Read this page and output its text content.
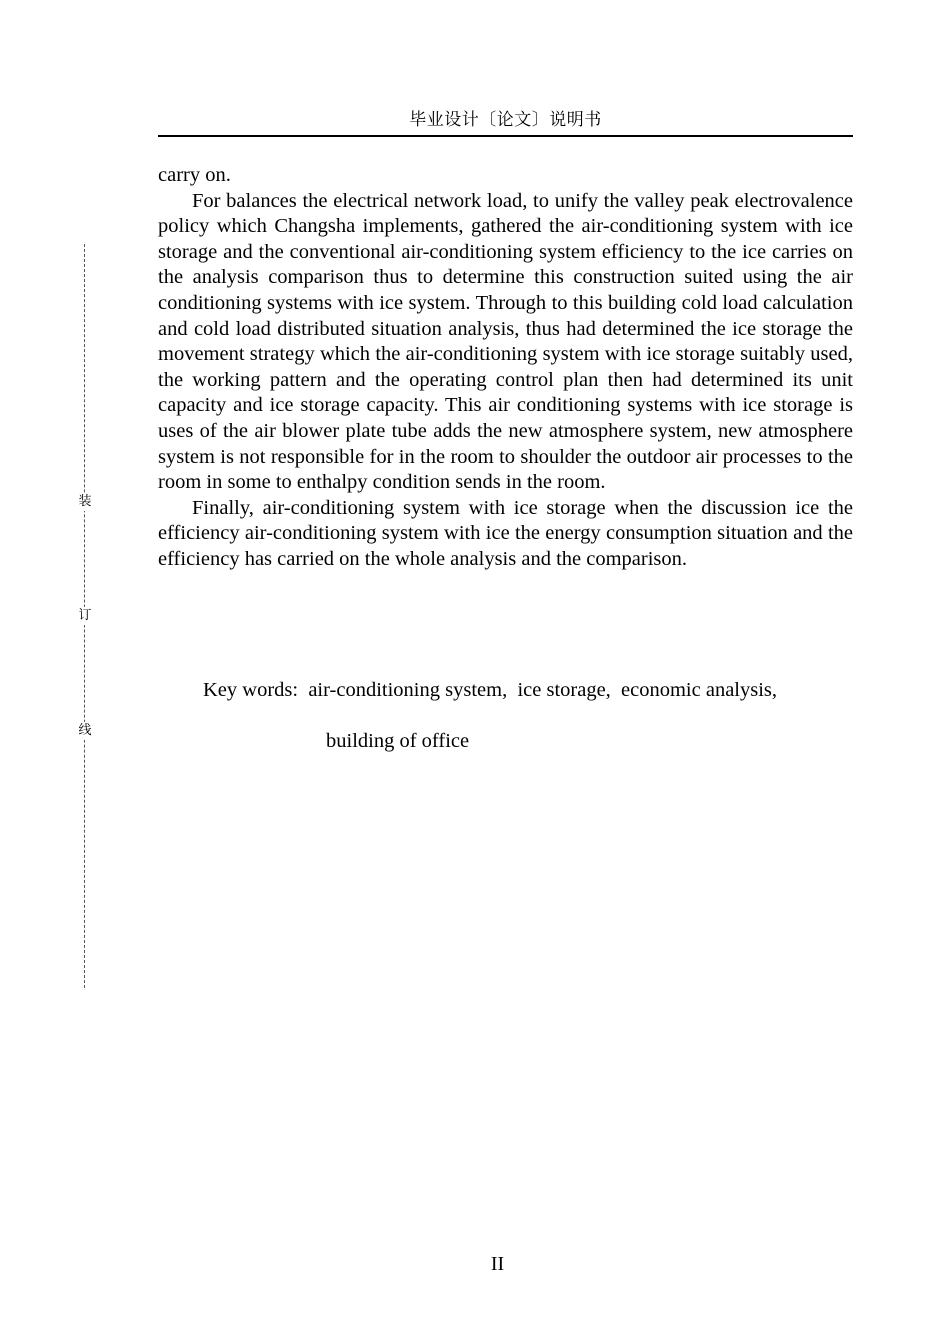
毕业设计〔论文〕说明书
装
订
线

carry on.

For balances the electrical network load, to unify the valley peak electrovalence policy which Changsha implements, gathered the air-conditioning system with ice storage and the conventional air-conditioning system efficiency to the ice carries on the analysis comparison thus to determine this construction suited using the air conditioning systems with ice system. Through to this building cold load calculation and cold load distributed situation analysis, thus had determined the ice storage the movement strategy which the air-conditioning system with ice storage suitably used, the working pattern and the operating control plan then had determined its unit capacity and ice storage capacity. This air conditioning systems with ice storage is uses of the air blower plate tube adds the new atmosphere system, new atmosphere system is not responsible for in the room to shoulder the outdoor air processes to the room in some to enthalpy condition sends in the room.

Finally, air-conditioning system with ice storage when the discussion ice the efficiency air-conditioning system with ice the energy consumption situation and the efficiency has carried on the whole analysis and the comparison.

Key words:  air-conditioning system,  ice storage,  economic analysis,
building of office
II
